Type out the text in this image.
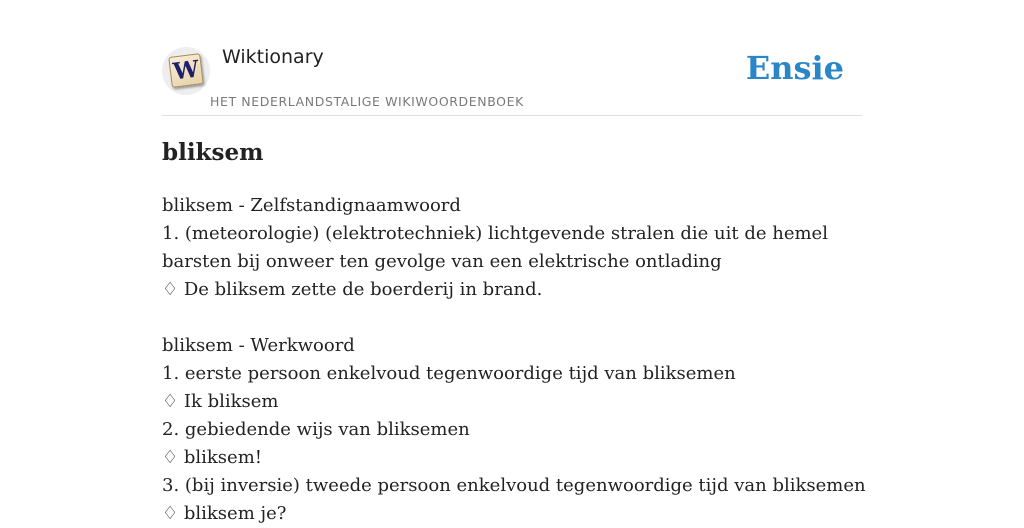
W Wiktionary
HET NEDERLANDSTALIGE WIKIWOORDENBOEK
Ensie
bliksem
bliksem - Zelfstandignaamwoord
1. (meteorologie) (elektrotechniek) lichtgevende stralen die uit de hemel barsten bij onweer ten gevolge van een elektrische ontlading
♢ De bliksem zette de boerderij in brand.
bliksem - Werkwoord
1. eerste persoon enkelvoud tegenwoordige tijd van bliksemen
♢ Ik bliksem
2. gebiedende wijs van bliksemen
♢ bliksem!
3. (bij inversie) tweede persoon enkelvoud tegenwoordige tijd van bliksemen
♢ bliksem je?
